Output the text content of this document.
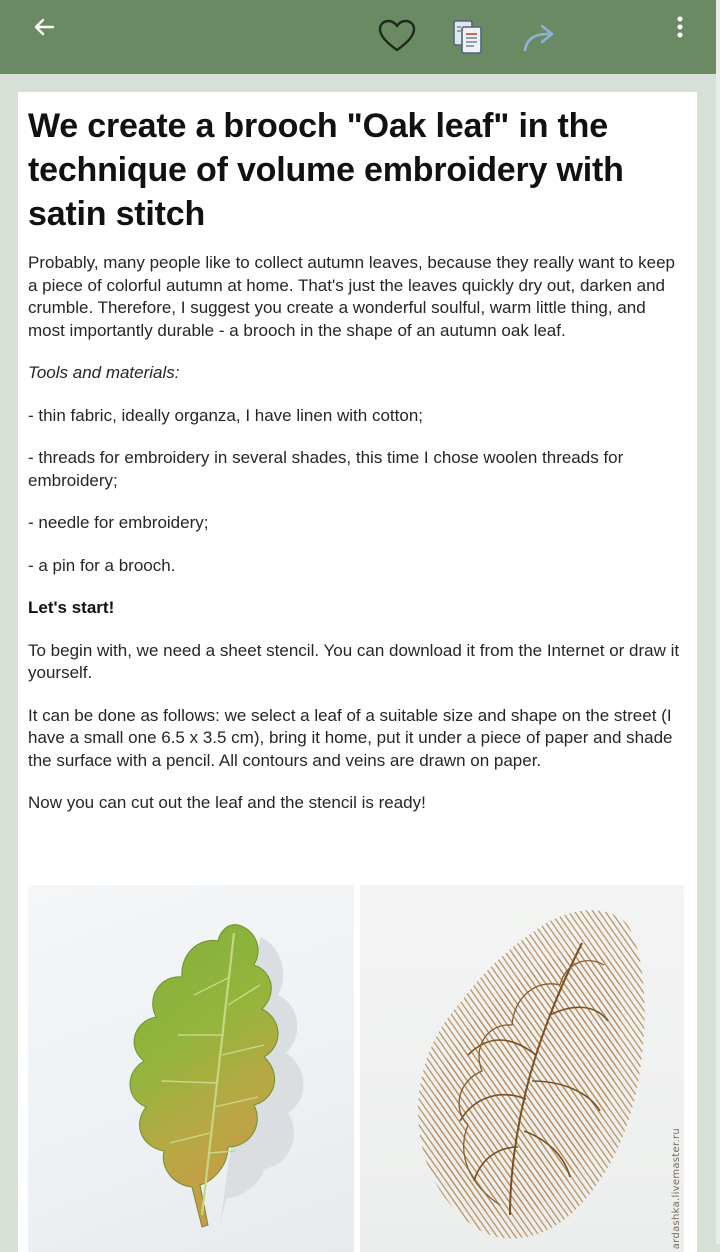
We create a brooch "Oak leaf" in the technique of volume embroidery with satin stitch

Probably, many people like to collect autumn leaves, because they really want to keep a piece of colorful autumn at home. That's just the leaves quickly dry out, darken and crumble. Therefore, I suggest you create a wonderful soulful, warm little thing, and most importantly durable - a brooch in the shape of an autumn oak leaf.

Tools and materials:

- thin fabric, ideally organza, I have linen with cotton;

- threads for embroidery in several shades, this time I chose woolen threads for embroidery;

- needle for embroidery;

- a pin for a brooch.

Let's start!

To begin with, we need a sheet stencil. You can download it from the Internet or draw it yourself.

It can be done as follows: we select a leaf of a suitable size and shape on the street (I have a small one 6.5 x 3.5 cm), bring it home, put it under a piece of paper and shade the surface with a pencil. All contours and veins are drawn on paper.

Now you can cut out the leaf and the stencil is ready!

ardashka.livemaster.ru
